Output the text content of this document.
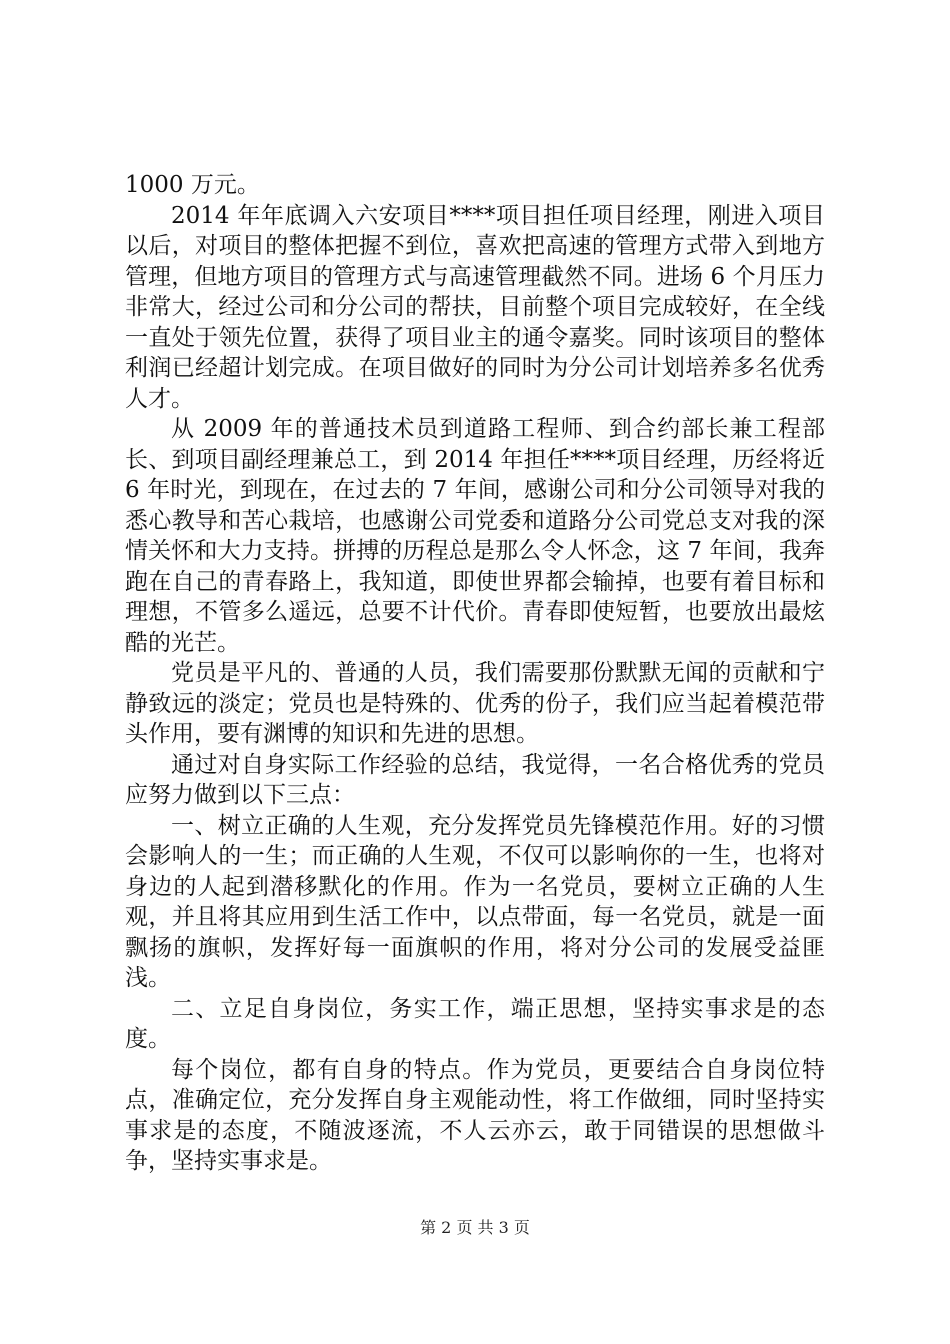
1000 万元。

2014 年年底调入六安项目****项目担任项目经理，刚进入项目以后，对项目的整体把握不到位，喜欢把高速的管理方式带入到地方管理，但地方项目的管理方式与高速管理截然不同。进场 6 个月压力非常大，经过公司和分公司的帮扶，目前整个项目完成较好，在全线一直处于领先位置，获得了项目业主的通令嘉奖。同时该项目的整体利润已经超计划完成。在项目做好的同时为分公司计划培养多名优秀人才。

从 2009 年的普通技术员到道路工程师、到合约部长兼工程部长、到项目副经理兼总工，到 2014 年担任****项目经理，历经将近 6 年时光，到现在，在过去的 7 年间，感谢公司和分公司领导对我的悉心教导和苦心栽培，也感谢公司党委和道路分公司党总支对我的深情关怀和大力支持。拼搏的历程总是那么令人怀念，这 7 年间，我奔跑在自己的青春路上，我知道，即使世界都会输掉，也要有着目标和理想，不管多么遥远，总要不计代价。青春即使短暂，也要放出最炫酷的光芒。

党员是平凡的、普通的人员，我们需要那份默默无闻的贡献和宁静致远的淡定；党员也是特殊的、优秀的份子，我们应当起着模范带头作用，要有渊博的知识和先进的思想。

通过对自身实际工作经验的总结，我觉得，一名合格优秀的党员应努力做到以下三点：

一、树立正确的人生观，充分发挥党员先锋模范作用。好的习惯会影响人的一生；而正确的人生观，不仅可以影响你的一生，也将对身边的人起到潜移默化的作用。作为一名党员，要树立正确的人生观，并且将其应用到生活工作中，以点带面，每一名党员，就是一面飘扬的旗帜，发挥好每一面旗帜的作用，将对分公司的发展受益匪浅。

二、立足自身岗位，务实工作，端正思想，坚持实事求是的态度。

每个岗位，都有自身的特点。作为党员，更要结合自身岗位特点，准确定位，充分发挥自身主观能动性，将工作做细，同时坚持实事求是的态度，不随波逐流，不人云亦云，敢于同错误的思想做斗争，坚持实事求是。

第 2 页 共 3 页
